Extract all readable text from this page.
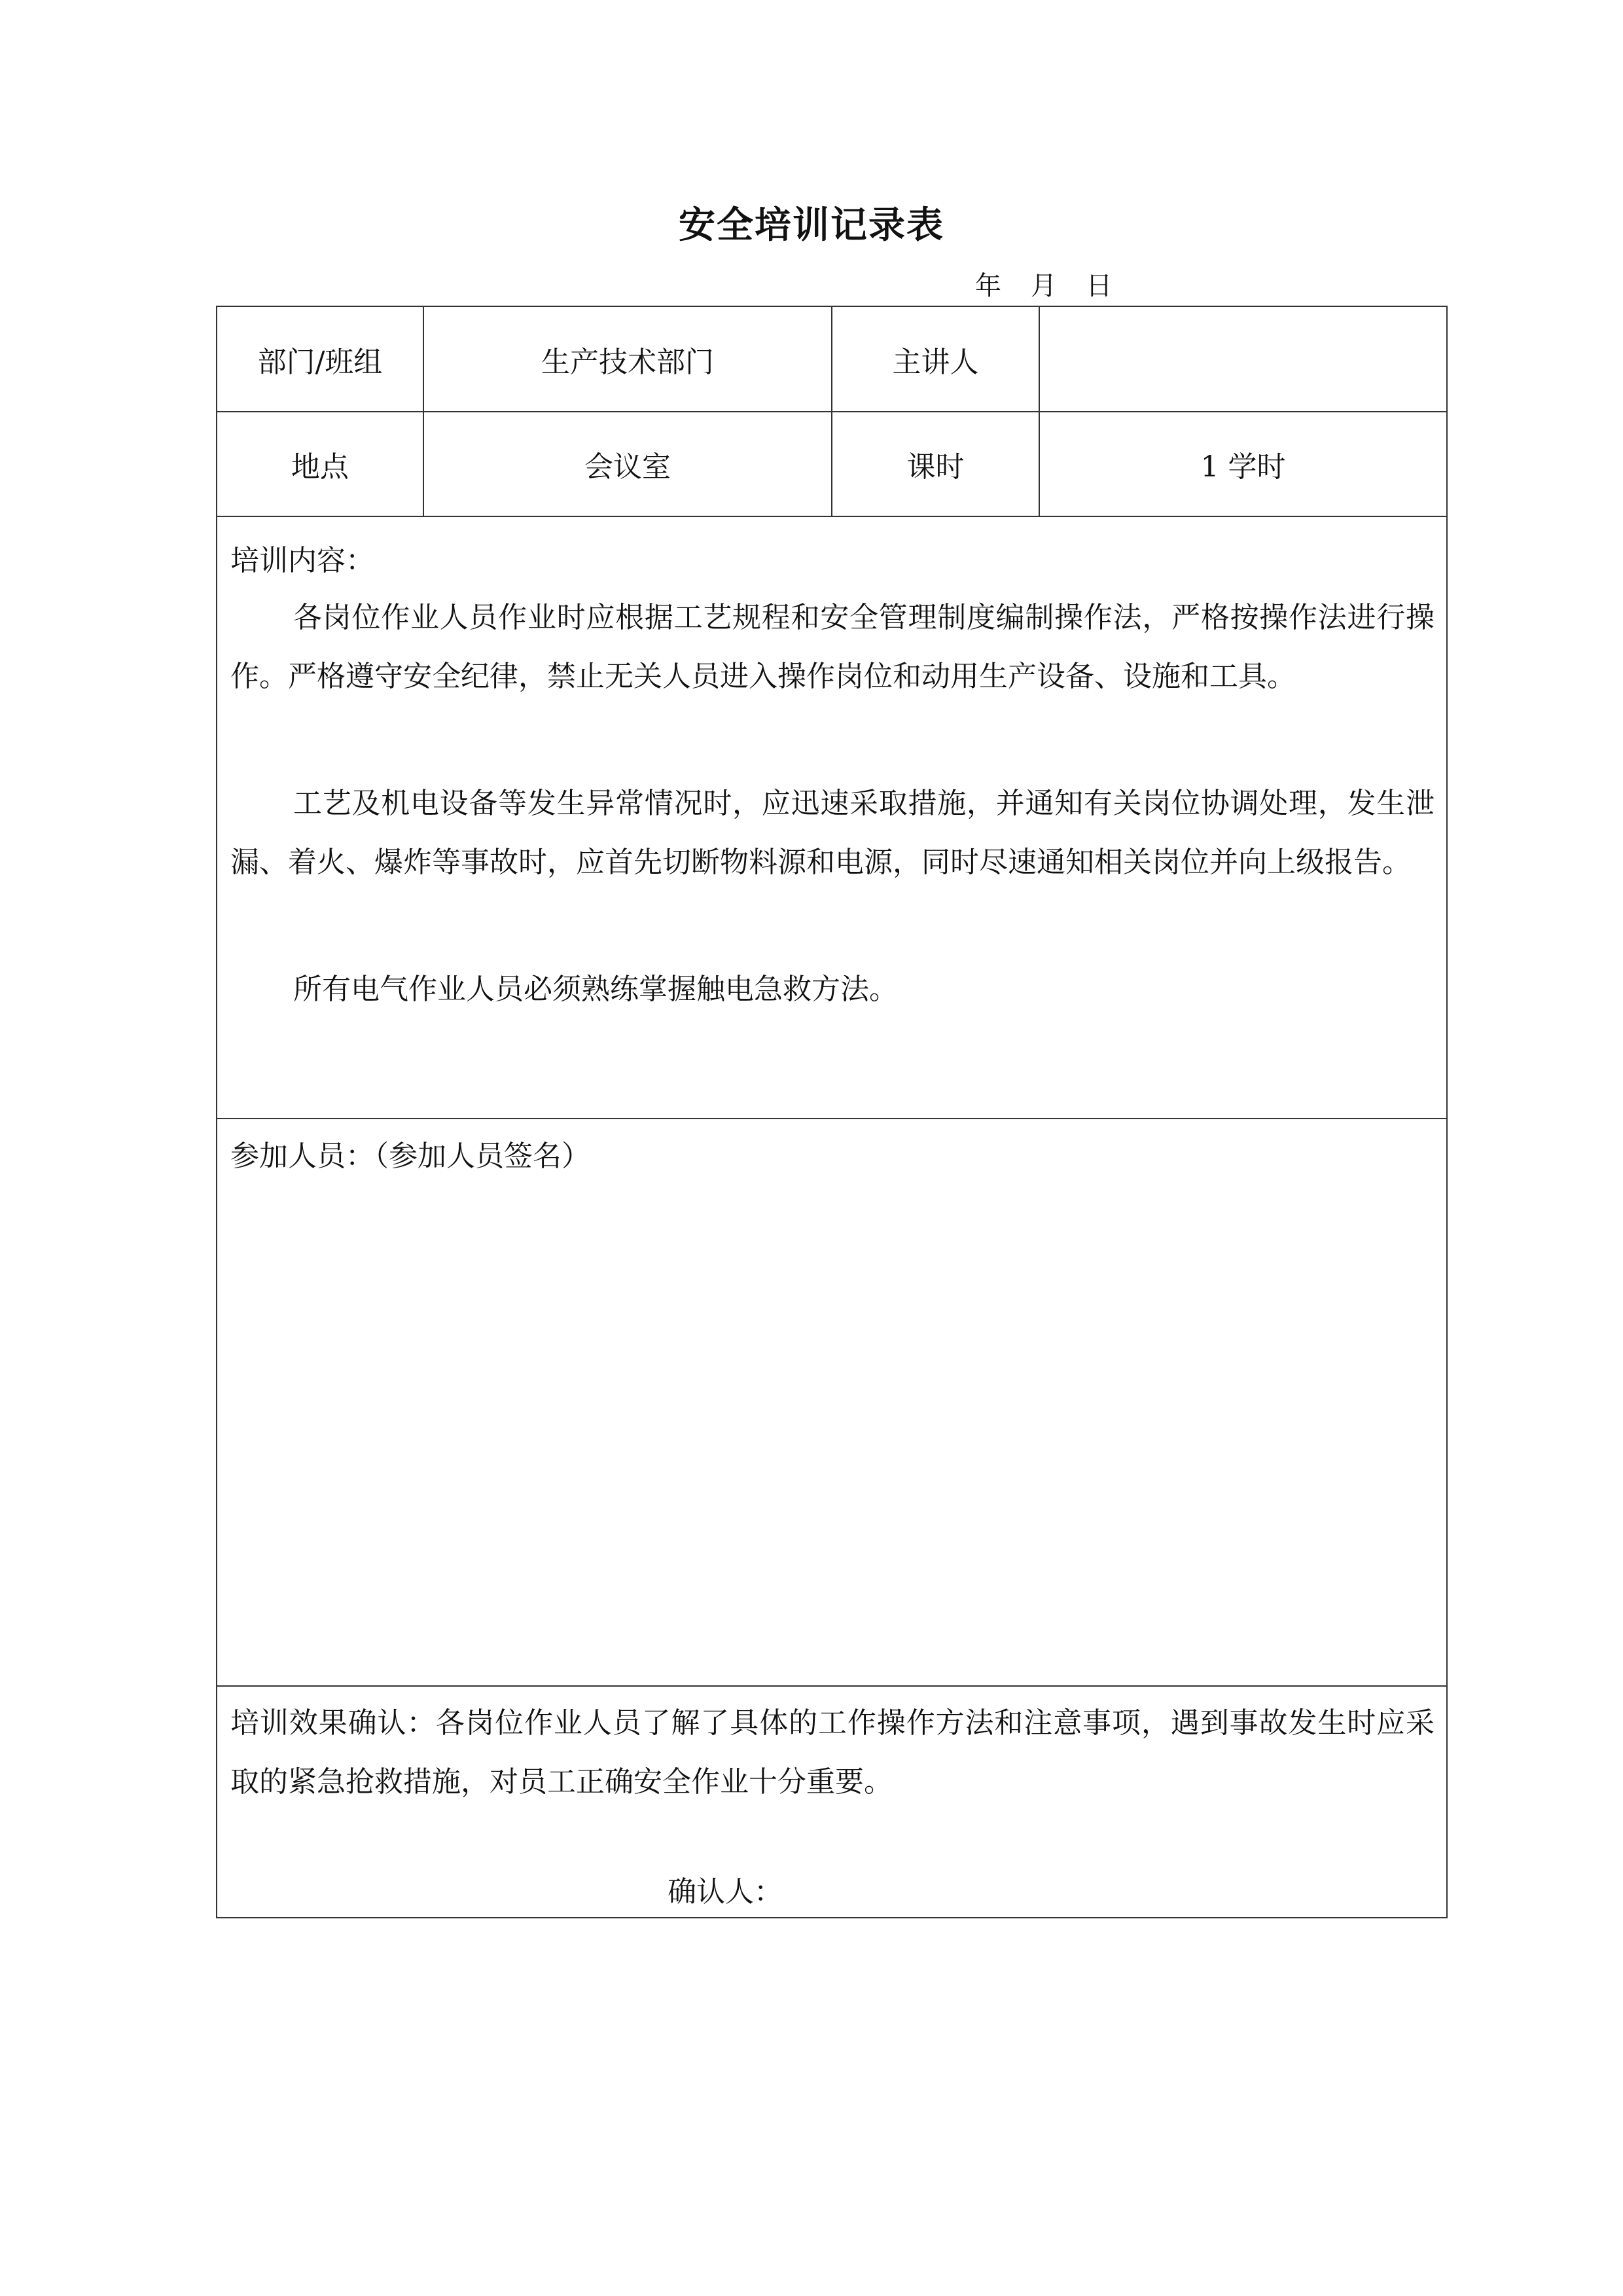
安全培训记录表
年 月 日
部门/班组	生产技术部门	主讲人
地点	会议室	课时	1 学时

培训内容：

各岗位作业人员作业时应根据工艺规程和安全管理制度编制操作法，严格按操作法进行操作。严格遵守安全纪律，禁止无关人员进入操作岗位和动用生产设备、设施和工具。

工艺及机电设备等发生异常情况时，应迅速采取措施，并通知有关岗位协调处理，发生泄漏、着火、爆炸等事故时，应首先切断物料源和电源，同时尽速通知相关岗位并向上级报告。

所有电气作业人员必须熟练掌握触电急救方法。

参加人员：（参加人员签名）

培训效果确认：各岗位作业人员了解了具体的工作操作方法和注意事项，遇到事故发生时应采取的紧急抢救措施，对员工正确安全作业十分重要。

确认人：
